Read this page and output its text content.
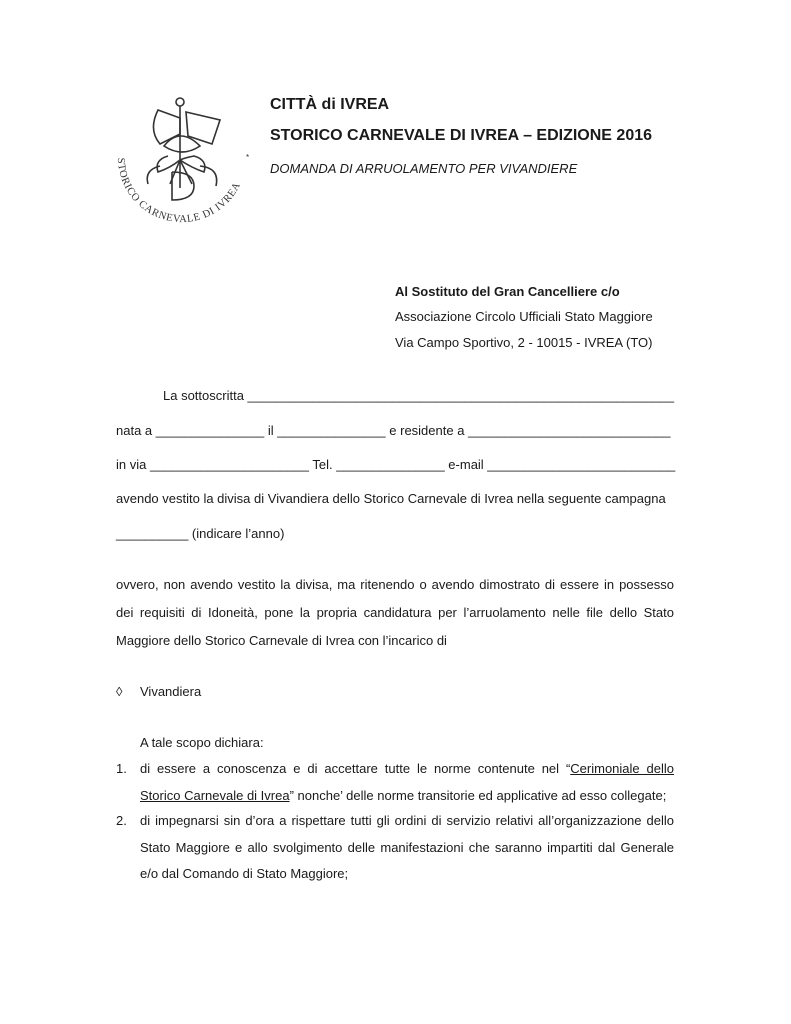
STORICO CARNEVALE DI IVREA
*
CITTÀ di IVREA
STORICO CARNEVALE DI IVREA – EDIZIONE 2016
DOMANDA DI ARRUOLAMENTO PER VIVANDIERE
Al Sostituto del Gran Cancelliere c/o
Associazione Circolo Ufficiali Stato Maggiore
Via Campo Sportivo, 2 - 10015 - IVREA (TO)
La sottoscritta ___________________________________________________________
nata a _______________ il _______________ e residente a ____________________________
in via ______________________ Tel. _______________ e-mail __________________________
avendo vestito la divisa di Vivandiera dello Storico Carnevale di Ivrea nella seguente campagna
__________ (indicare l’anno)
ovvero, non avendo vestito la divisa, ma ritenendo o avendo dimostrato di essere in possesso
dei requisiti di Idoneità, pone la propria candidatura per l’arruolamento nelle file dello Stato
Maggiore dello Storico Carnevale di Ivrea con l’incarico di
◊ Vivandiera
A tale scopo dichiara:
1. di essere a conoscenza e di accettare tutte le norme contenute nel “Cerimoniale dello
Storico Carnevale di Ivrea” nonche’ delle norme transitorie ed applicative ad esso collegate;
2. di impegnarsi sin d’ora a rispettare tutti gli ordini di servizio relativi all’organizzazione dello
Stato Maggiore e allo svolgimento delle manifestazioni che saranno impartiti dal Generale
e/o dal Comando di Stato Maggiore;
